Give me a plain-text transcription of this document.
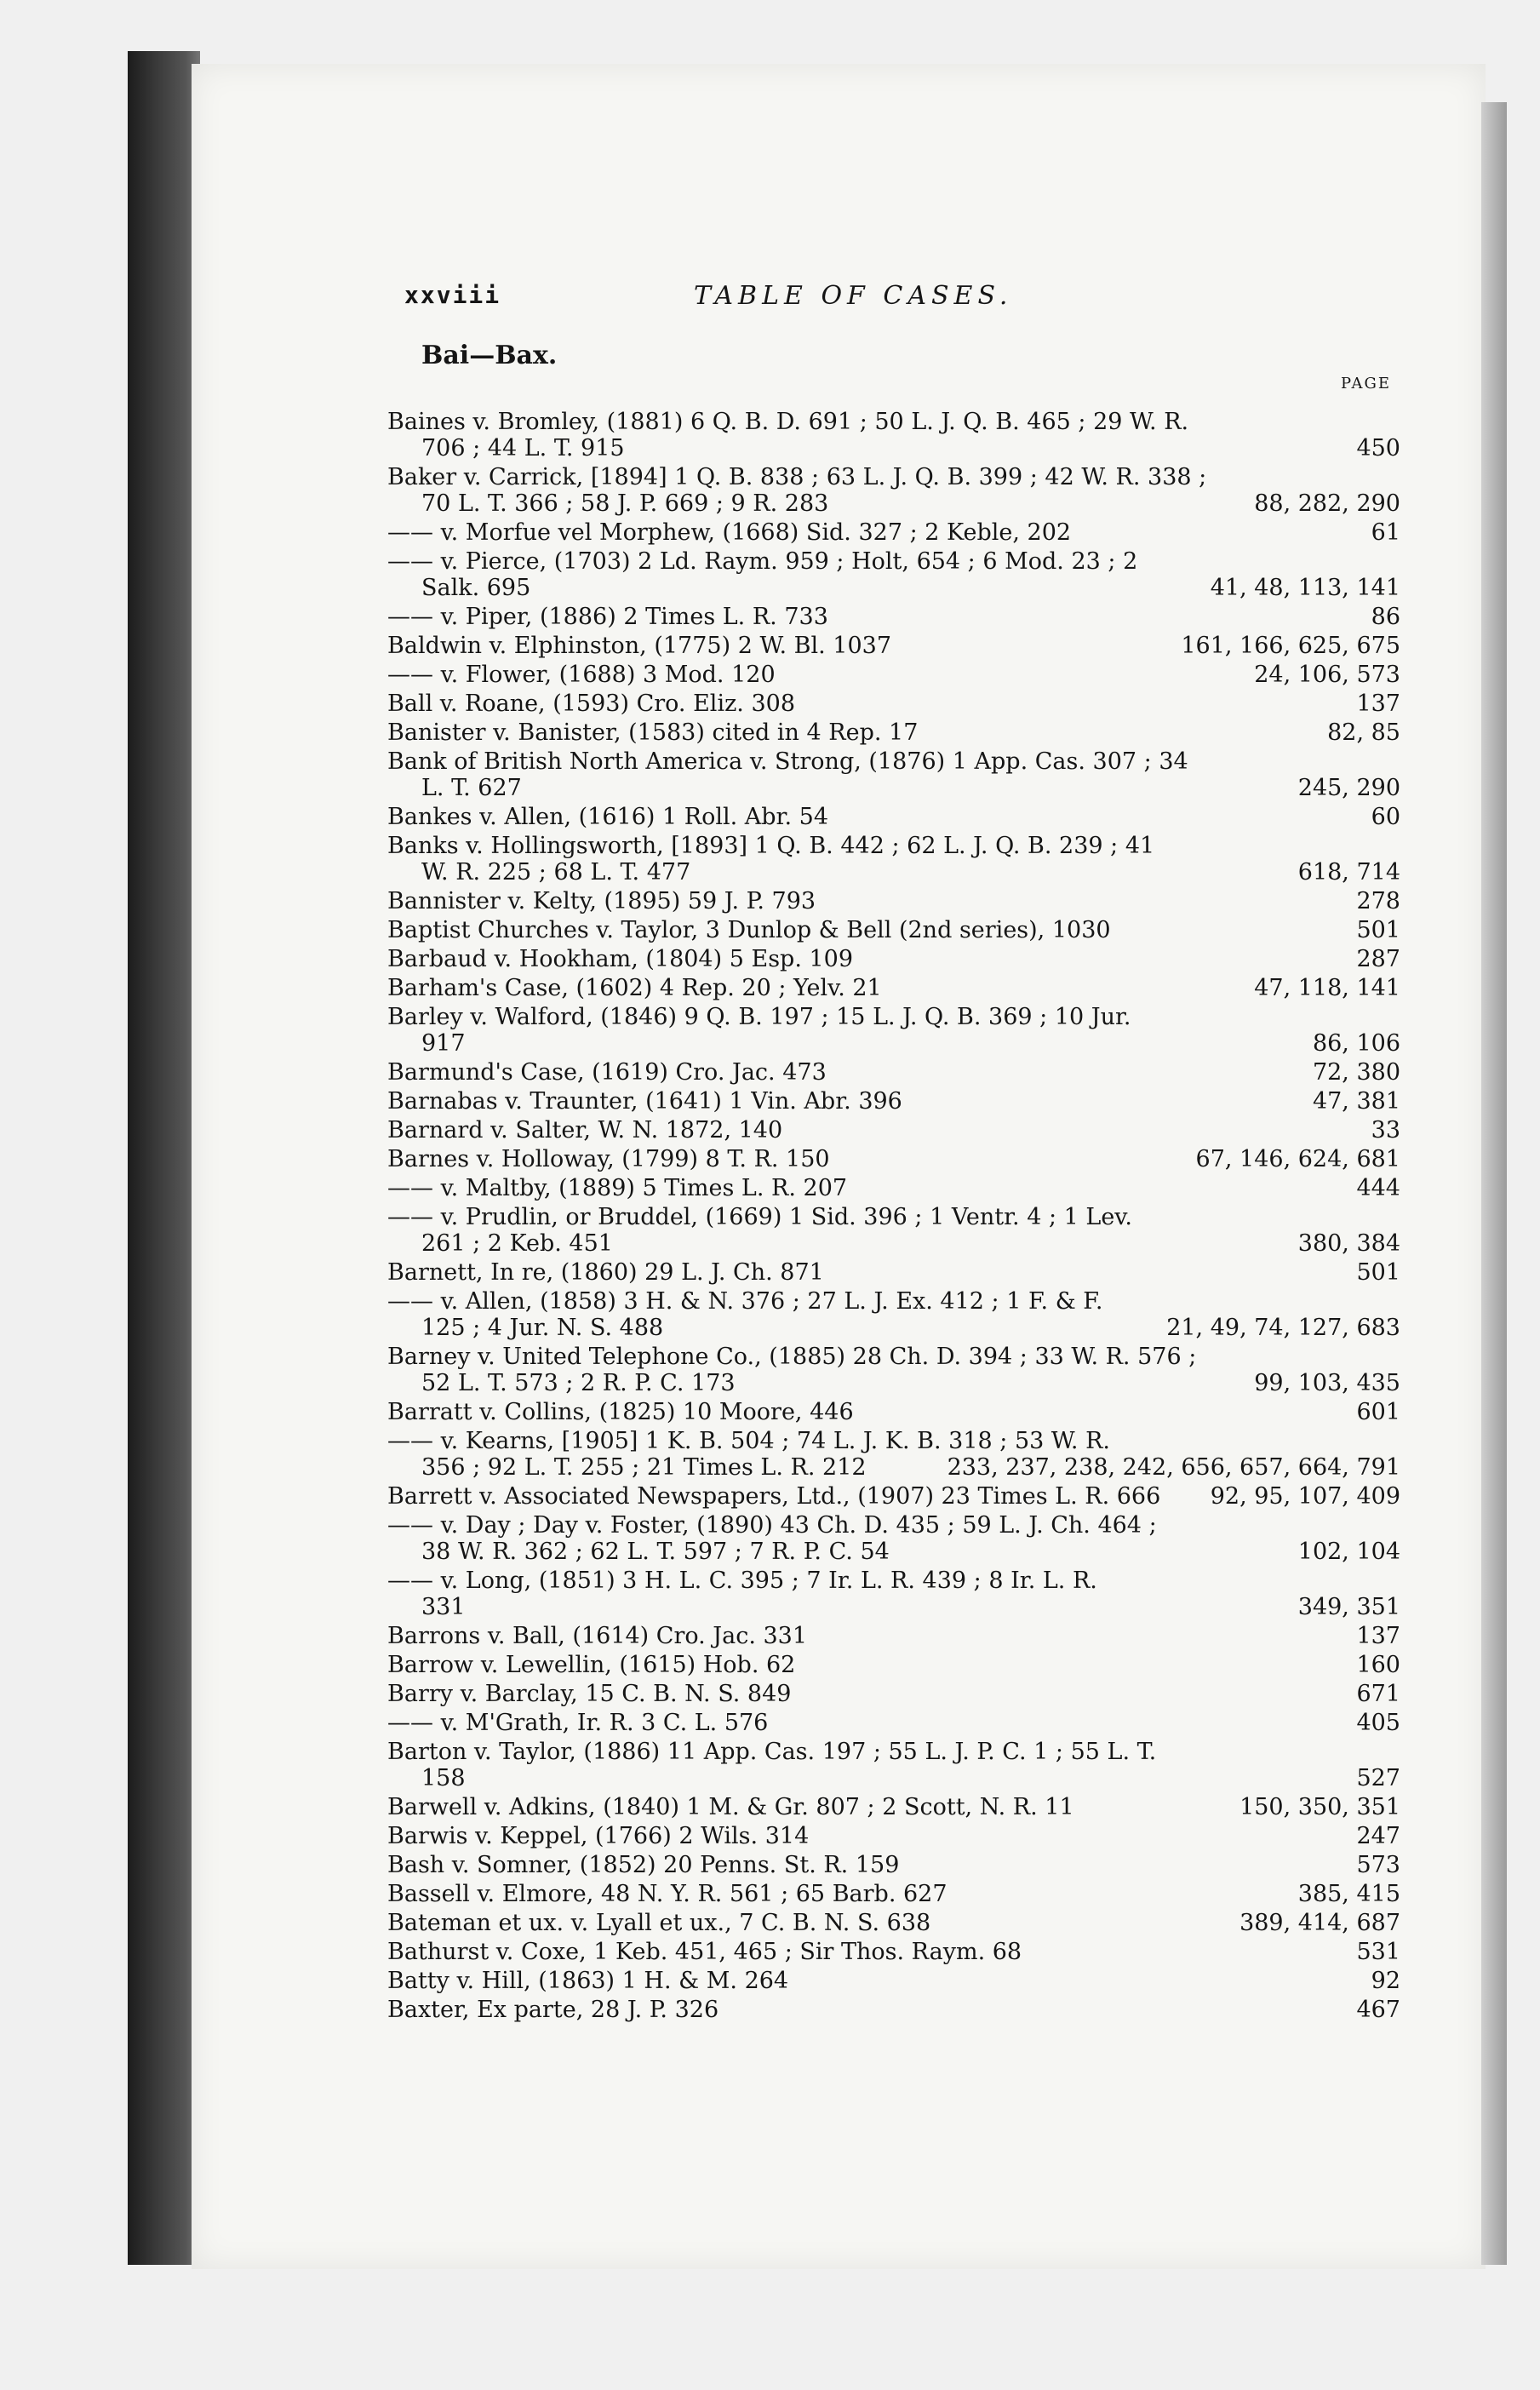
xxviii	TABLE OF CASES.
Bai—Bax.
PAGE
Baines v. Bromley, (1881) 6 Q. B. D. 691 ; 50 L. J. Q. B. 465 ; 29 W. R.
706 ; 44 L. T. 915	450
Baker v. Carrick, [1894] 1 Q. B. 838 ; 63 L. J. Q. B. 399 ; 42 W. R. 338 ;
70 L. T. 366 ; 58 J. P. 669 ; 9 R. 283	88, 282, 290
—— v. Morfue vel Morphew, (1668) Sid. 327 ; 2 Keble, 202	61
—— v. Pierce, (1703) 2 Ld. Raym. 959 ; Holt, 654 ; 6 Mod. 23 ; 2
Salk. 695	41, 48, 113, 141
—— v. Piper, (1886) 2 Times L. R. 733	86
Baldwin v. Elphinston, (1775) 2 W. Bl. 1037	161, 166, 625, 675
—— v. Flower, (1688) 3 Mod. 120	24, 106, 573
Ball v. Roane, (1593) Cro. Eliz. 308	137
Banister v. Banister, (1583) cited in 4 Rep. 17	82, 85
Bank of British North America v. Strong, (1876) 1 App. Cas. 307 ; 34
L. T. 627	245, 290
Bankes v. Allen, (1616) 1 Roll. Abr. 54	60
Banks v. Hollingsworth, [1893] 1 Q. B. 442 ; 62 L. J. Q. B. 239 ; 41
W. R. 225 ; 68 L. T. 477	618, 714
Bannister v. Kelty, (1895) 59 J. P. 793	278
Baptist Churches v. Taylor, 3 Dunlop & Bell (2nd series), 1030	501
Barbaud v. Hookham, (1804) 5 Esp. 109	287
Barham's Case, (1602) 4 Rep. 20 ; Yelv. 21	47, 118, 141
Barley v. Walford, (1846) 9 Q. B. 197 ; 15 L. J. Q. B. 369 ; 10 Jur.
917	86, 106
Barmund's Case, (1619) Cro. Jac. 473	72, 380
Barnabas v. Traunter, (1641) 1 Vin. Abr. 396	47, 381
Barnard v. Salter, W. N. 1872, 140	33
Barnes v. Holloway, (1799) 8 T. R. 150	67, 146, 624, 681
—— v. Maltby, (1889) 5 Times L. R. 207	444
—— v. Prudlin, or Bruddel, (1669) 1 Sid. 396 ; 1 Ventr. 4 ; 1 Lev.
261 ; 2 Keb. 451	380, 384
Barnett, In re, (1860) 29 L. J. Ch. 871	501
—— v. Allen, (1858) 3 H. & N. 376 ; 27 L. J. Ex. 412 ; 1 F. & F.
125 ; 4 Jur. N. S. 488	21, 49, 74, 127, 683
Barney v. United Telephone Co., (1885) 28 Ch. D. 394 ; 33 W. R. 576 ;
52 L. T. 573 ; 2 R. P. C. 173	99, 103, 435
Barratt v. Collins, (1825) 10 Moore, 446	601
—— v. Kearns, [1905] 1 K. B. 504 ; 74 L. J. K. B. 318 ; 53 W. R.
356 ; 92 L. T. 255 ; 21 Times L. R. 212	233, 237, 238, 242, 656, 657, 664, 791
Barrett v. Associated Newspapers, Ltd., (1907) 23 Times L. R. 666	92, 95, 107, 409
—— v. Day ; Day v. Foster, (1890) 43 Ch. D. 435 ; 59 L. J. Ch. 464 ;
38 W. R. 362 ; 62 L. T. 597 ; 7 R. P. C. 54	102, 104
—— v. Long, (1851) 3 H. L. C. 395 ; 7 Ir. L. R. 439 ; 8 Ir. L. R.
331	349, 351
Barrons v. Ball, (1614) Cro. Jac. 331	137
Barrow v. Lewellin, (1615) Hob. 62	160
Barry v. Barclay, 15 C. B. N. S. 849	671
—— v. M'Grath, Ir. R. 3 C. L. 576	405
Barton v. Taylor, (1886) 11 App. Cas. 197 ; 55 L. J. P. C. 1 ; 55 L. T.
158	527
Barwell v. Adkins, (1840) 1 M. & Gr. 807 ; 2 Scott, N. R. 11	150, 350, 351
Barwis v. Keppel, (1766) 2 Wils. 314	247
Bash v. Somner, (1852) 20 Penns. St. R. 159	573
Bassell v. Elmore, 48 N. Y. R. 561 ; 65 Barb. 627	385, 415
Bateman et ux. v. Lyall et ux., 7 C. B. N. S. 638	389, 414, 687
Bathurst v. Coxe, 1 Keb. 451, 465 ; Sir Thos. Raym. 68	531
Batty v. Hill, (1863) 1 H. & M. 264	92
Baxter, Ex parte, 28 J. P. 326	467
